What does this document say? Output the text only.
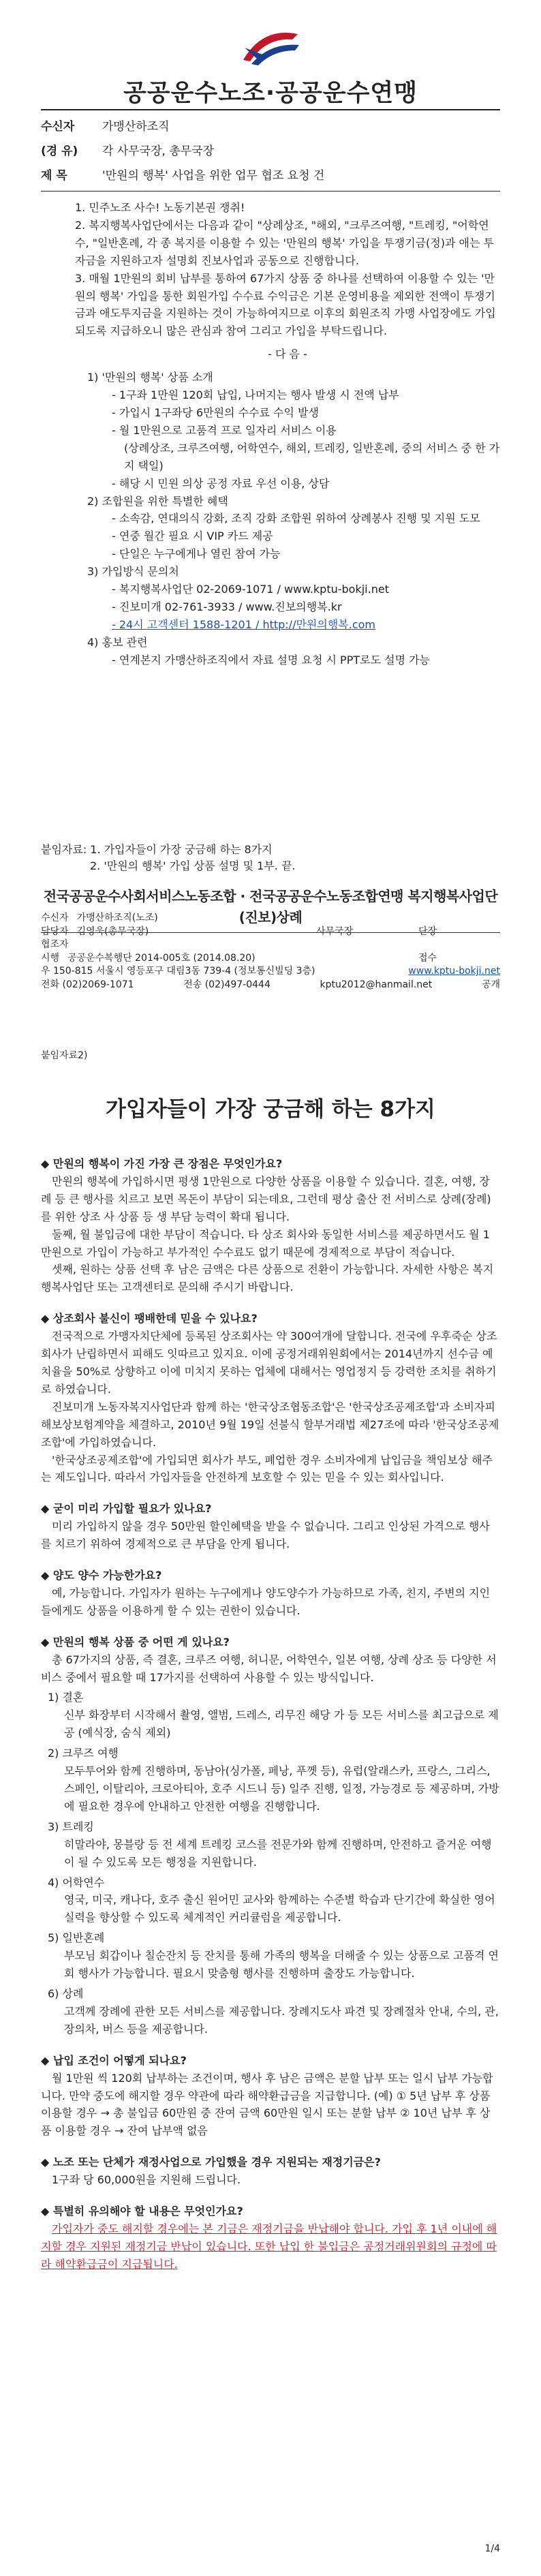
공공운수노조·공공운수연맹
수신자	가맹산하조직
(경 유)	각 사무국장, 총무국장
제 목	'만원의 행복' 사업을 위한 업무 협조 요청 건
1. 민주노조 사수! 노동기본권 쟁취!
2. 복지행복사업단에서는 다음과 같이 "상례상조, "해외, "크루즈여행, "트레킹, "어학연수, "일반혼례, 각 종 복지를 이용할 수 있는 '만원의 행복' 가입을 투쟁기금(정)과 애는 투자금을 지원하고자 설명회 진보사업과 공동으로 진행합니다.
3. 매월 1만원의 회비 납부를 통하여 67가지 상품 중 하나를 선택하여 이용할 수 있는 '만원의 행복' 가입을 통한 회원가입 수수료 수익금은 기본 운영비용을 제외한 전액이 투쟁기금과 애도투지금을 지원하는 것이 가능하여지므로 이후의 회원조직 가맹 사업장에도 가입되도록 지급하오니 많은 관심과 참여 그리고 가입을 부탁드립니다.
- 다 음 -
1) '만원의 행복' 상품 소개
- 1구좌 1만원 120회 납입, 나머지는 행사 발생 시 전액 납부
- 가입시 1구좌당 6만원의 수수료 수익 발생
- 월 1만원으로 고품격 프로 일자리 서비스 이용
(상례상조, 크루즈여행, 어학연수, 해외, 트레킹, 일반혼례, 중의 서비스 중 한 가지 택일)
- 해당 시 민원 의상 공정 자료 우선 이용, 상담
2) 조합원을 위한 특별한 혜택
- 소속감, 연대의식 강화, 조직 강화 조합원 위하여 상례봉사 진행 및 지원 도모
- 연중 월간 필요 시 VIP 카드 제공
- 단일은 누구에게나 열린 참여 가능
3) 가입방식 문의처
- 복지행복사업단 02-2069-1071 / www.kptu-bokji.net
- 진보미개 02-761-3933 / www.진보의행복.kr
- 24시 고객센터 1588-1201 / http://만원의행복.com
4) 홍보 관련
- 연계본지 가맹산하조직에서 자료 설명 요청 시 PPT로도 설명 가능
붙임자료: 1. 가입자들이 가장 궁금해 하는 8가지
2. '만원의 행복' 가입 상품 설명 및 1부. 끝.
전국공공운수사회서비스노동조합 · 전국공공운수노동조합연맹 복지행복사업단(진보)상례
수신자 가맹산하조직(노조)
담당자 김영욱(총무국장)	사무국장	단장
협조자
시행 공공운수복행단 2014-005호 (2014.08.20)	접수
우 150-815 서울시 영등포구 대림3동 739-4 (정보통신빌딩 3층)	www.kptu-bokji.net
전화 (02)2069-1071	전송 (02)497-0444	kptu2012@hanmail.net	공개
붙임자료2)
가입자들이 가장 궁금해 하는 8가지
◆ 만원의 행복이 가진 가장 큰 장점은 무엇인가요?
만원의 행복에 가입하시면 평생 1만원으로 다양한 상품을 이용할 수 있습니다. 결혼, 여행, 장례 등 큰 행사를 치르고 보면 목돈이 부담이 되는데요, 그런데 평상 출산 전 서비스로 상례(장례)를 위한 상조 사 상품 등 생 부담 능력이 확대 됩니다.
둘째, 월 불입금에 대한 부담이 적습니다. 타 상조 회사와 동일한 서비스를 제공하면서도 월 1만원으로 가입이 가능하고 부가적인 수수료도 없기 때문에 경제적으로 부담이 적습니다.
셋째, 원하는 상품 선택 후 남은 금액은 다른 상품으로 전환이 가능합니다. 자세한 사항은 복지행복사업단 또는 고객센터로 문의해 주시기 바랍니다.
◆ 상조회사 불신이 팽배한데 믿을 수 있나요?
전국적으로 가맹자치단체에 등록된 상조회사는 약 300여개에 달합니다. 전국에 우후죽순 상조회사가 난립하면서 피해도 잇따르고 있지요. 이에 공정거래위원회에서는 2014년까지 선수금 예치율을 50%로 상향하고 이에 미치지 못하는 업체에 대해서는 영업정지 등 강력한 조치를 취하기로 하였습니다.
진보미개 노동자복지사업단과 함께 하는 '한국상조협동조합'은 '한국상조공제조합'과 소비자피해보상보험계약을 체결하고, 2010년 9월 19일 선불식 할부거래법 제27조에 따라 '한국상조공제조합'에 가입하였습니다.
'한국상조공제조합'에 가입되면 회사가 부도, 폐업한 경우 소비자에게 납입금을 책임보상 해주는 제도입니다. 따라서 가입자들을 안전하게 보호할 수 있는 믿을 수 있는 회사입니다.
◆ 굳이 미리 가입할 필요가 있나요?
미리 가입하지 않을 경우 50만원 할인혜택을 받을 수 없습니다. 그리고 인상된 가격으로 행사를 치르기 위하여 경제적으로 큰 부담을 안게 됩니다.
◆ 양도 양수 가능한가요?
예, 가능합니다. 가입자가 원하는 누구에게나 양도양수가 가능하므로 가족, 친지, 주변의 지인들에게도 상품을 이용하게 할 수 있는 권한이 있습니다.
◆ 만원의 행복 상품 중 어떤 게 있나요?
총 67가지의 상품, 즉 결혼, 크루즈 여행, 허니문, 어학연수, 일본 여행, 상례 상조 등 다양한 서비스 중에서 필요할 때 17가지를 선택하여 사용할 수 있는 방식입니다.
1) 결혼
신부 화장부터 시작해서 촬영, 앨범, 드레스, 리무진 해당 가 등 모든 서비스를 최고급으로 제공 (예식장, 숨식 제외)
2) 크루즈 여행
모두투어와 함께 진행하며, 동남아(싱가폴, 페낭, 푸껫 등), 유럽(알래스카, 프랑스, 그리스, 스페인, 이탈리아, 크로아티아, 호주 시드니 등) 일주 진행, 일정, 가능경로 등 제공하며, 가방에 필요한 경우에 안내하고 안전한 여행을 진행합니다.
3) 트레킹
히말라야, 몽블랑 등 전 세계 트레킹 코스를 전문가와 함께 진행하며, 안전하고 즐거운 여행이 될 수 있도록 모든 행정을 지원합니다.
4) 어학연수
영국, 미국, 캐나다, 호주 출신 원어민 교사와 함께하는 수준별 학습과 단기간에 확실한 영어 실력을 향상할 수 있도록 체계적인 커리큘럼을 제공합니다.
5) 일반혼례
부모님 회갑이나 칠순잔치 등 잔치를 통해 가족의 행복을 더해줄 수 있는 상품으로 고품격 연회 행사가 가능합니다. 필요시 맞춤형 행사를 진행하며 출장도 가능합니다.
6) 상례
고객께 장례에 관한 모든 서비스를 제공합니다. 장례지도사 파견 및 장례절차 안내, 수의, 관, 장의차, 버스 등을 제공합니다.
◆ 납입 조건이 어떻게 되나요?
월 1만원 씩 120회 납부하는 조건이며, 행사 후 남은 금액은 분할 납부 또는 일시 납부 가능합니다. 만약 중도에 해지할 경우 약관에 따라 해약환급금을 지급합니다. (예) ① 5년 납부 후 상품 이용할 경우 → 총 불입금 60만원 중 잔여 금액 60만원 일시 또는 분할 납부 ② 10년 납부 후 상품 이용할 경우 → 잔여 납부액 없음
◆ 노조 또는 단체가 재정사업으로 가입했을 경우 지원되는 재정기금은?
1구좌 당 60,000원을 지원해 드립니다.
◆ 특별히 유의해야 할 내용은 무엇인가요?
가입자가 중도 해지할 경우에는 본 기금은 재정기금을 반납해야 합니다. 가입 후 1년 이내에 해지할 경우 지원된 재정기금 반납이 있습니다. 또한 납입 한 불입금은 공정거래위원회의 규정에 따라 해약환급금이 지급됩니다.
1/4
